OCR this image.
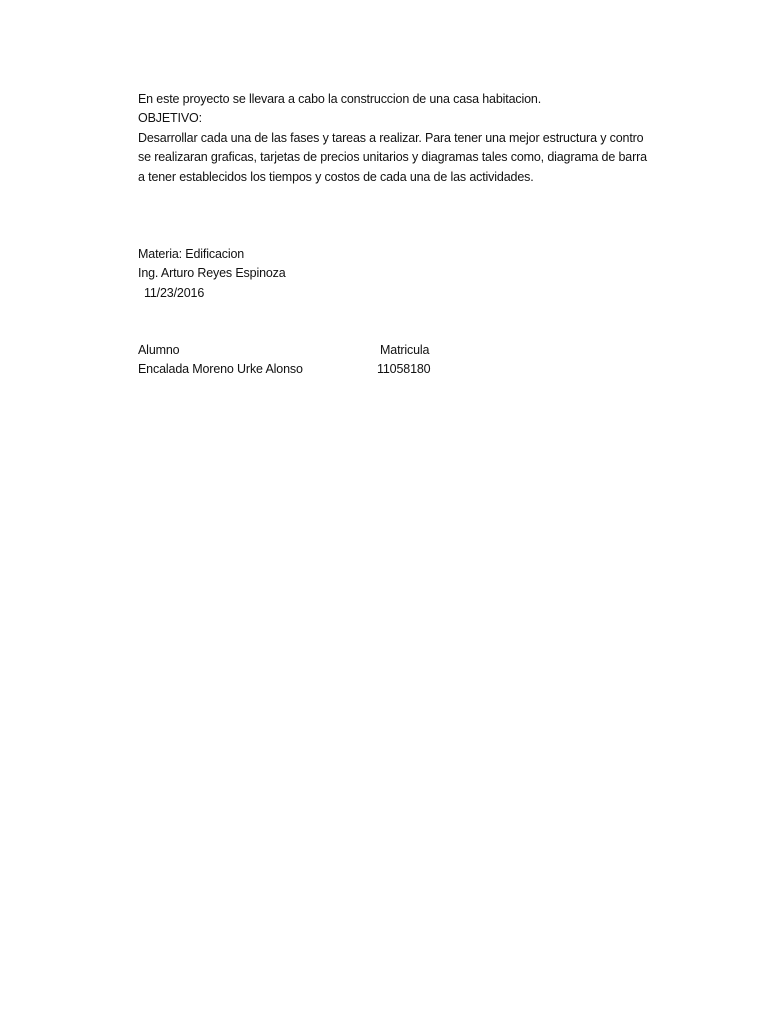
En este proyecto se llevara a cabo la construccion de una casa habitacion.
OBJETIVO:
Desarrollar cada una de las fases y tareas a realizar. Para tener una mejor estructura y contro
se realizaran graficas, tarjetas de precios unitarios y diagramas tales como, diagrama de barra
a tener establecidos los tiempos y costos de cada una de las actividades.
Materia: Edificacion
Ing. Arturo Reyes Espinoza
11/23/2016
Alumno	Matricula
Encalada Moreno Urke Alonso	11058180
